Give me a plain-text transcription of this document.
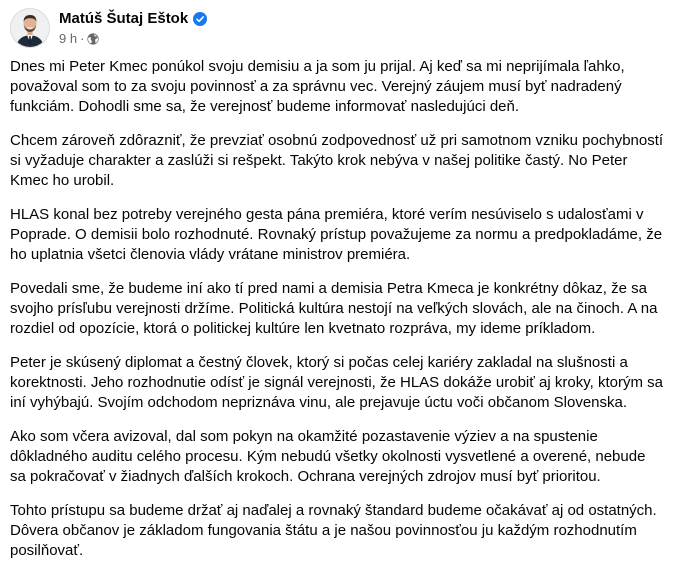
Matúš Šutaj Eštok
9 h ·

Dnes mi Peter Kmec ponúkol svoju demisiu a ja som ju prijal. Aj keď sa mi neprijímala ľahko, považoval som to za svoju povinnosť a za správnu vec. Verejný záujem musí byť nadradený funkciám. Dohodli sme sa, že verejnosť budeme informovať nasledujúci deň.

Chcem zároveň zdôrazniť, že prevziať osobnú zodpovednosť už pri samotnom vzniku pochybností si vyžaduje charakter a zaslúži si rešpekt. Takýto krok nebýva v našej politike častý. No Peter Kmec ho urobil.

HLAS konal bez potreby verejného gesta pána premiéra, ktoré verím nesúviselo s udalosťami v Poprade. O demisii bolo rozhodnuté. Rovnaký prístup považujeme za normu a predpokladáme, že ho uplatnia všetci členovia vlády vrátane ministrov premiéra.

Povedali sme, že budeme iní ako tí pred nami a demisia Petra Kmeca je konkrétny dôkaz, že sa svojho prísľubu verejnosti držíme. Politická kultúra nestojí na veľkých slovách, ale na činoch. A na rozdiel od opozície, ktorá o politickej kultúre len kvetnato rozpráva, my ideme príkladom.

Peter je skúsený diplomat a čestný človek, ktorý si počas celej kariéry zakladal na slušnosti a korektnosti. Jeho rozhodnutie odísť je signál verejnosti, že HLAS dokáže urobiť aj kroky, ktorým sa iní vyhýbajú. Svojím odchodom nepriznáva vinu, ale prejavuje úctu voči občanom Slovenska.

Ako som včera avizoval, dal som pokyn na okamžité pozastavenie výziev a na spustenie dôkladného auditu celého procesu. Kým nebudú všetky okolnosti vysvetlené a overené, nebude sa pokračovať v žiadnych ďalších krokoch. Ochrana verejných zdrojov musí byť prioritou.

Tohto prístupu sa budeme držať aj naďalej a rovnaký štandard budeme očakávať aj od ostatných. Dôvera občanov je základom fungovania štátu a je našou povinnosťou ju každým rozhodnutím posilňovať.
